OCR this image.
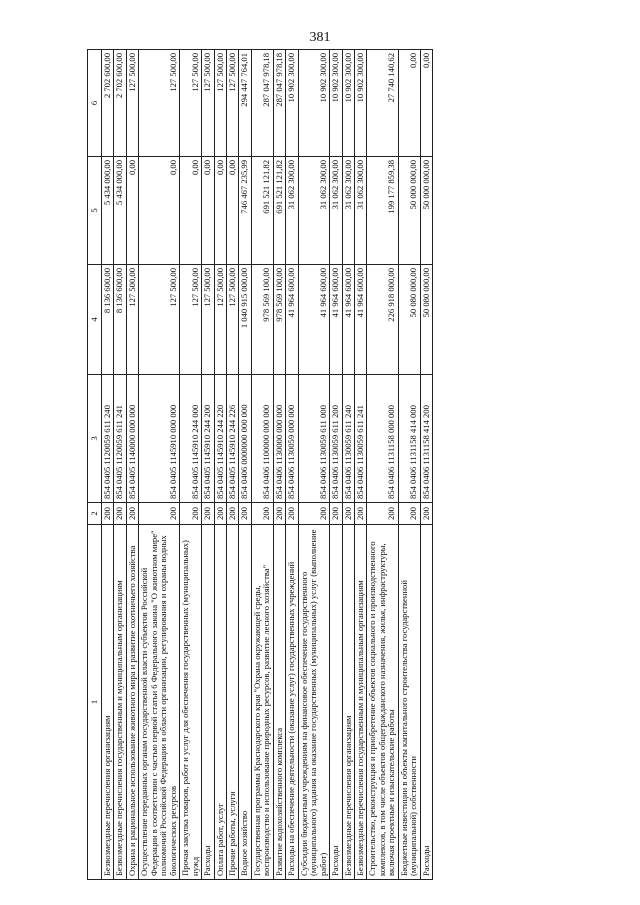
381
1	2	3	4	5	6
Безвозмездные перечисления организациям	200	854 0405 1120059 611 240	8 136 600,00	5 434 000,00	2 702 600,00
Безвозмездные перечисления государственным и муниципальным организациям	200	854 0405 1120059 611 241	8 136 600,00	5 434 000,00	2 702 600,00
Охрана и рациональное использование животного мира и развитие охотничьего хозяйства	200	854 0405 1140000 000 000	127 500,00	0,00	127 500,00
Осуществление переданных органам государственной власти субъектов Российской Федерации в соответствии с частью первой статьи 6 Федерального закона "О животном мире" полномочий Российской Федерации в области организации, регулирования и охраны водных биологических ресурсов	200	854 0405 1145910 000 000	127 500,00	0,00	127 500,00
Прочая закупка товаров, работ и услуг для обеспечения государственных (муниципальных) нужд	200	854 0405 1145910 244 000	127 500,00	0,00	127 500,00
Расходы	200	854 0405 1145910 244 200	127 500,00	0,00	127 500,00
Оплата работ, услуг	200	854 0405 1145910 244 220	127 500,00	0,00	127 500,00
Прочие работы, услуги	200	854 0405 1145910 244 226	127 500,00	0,00	127 500,00
Водное хозяйство	200	854 0406 0000000 000 000	1 040 915 000,00	746 467 235,99	294 447 764,01
Государственная программа Краснодарского края "Охрана окружающей среды, воспроизводство и использование природных ресурсов, развитие лесного хозяйства"	200	854 0406 1100000 000 000	978 569 100,00	691 521 121,82	287 047 978,18
Развитие водохозяйственного комплекса	200	854 0406 1130000 000 000	978 569 100,00	691 521 121,82	287 047 978,18
Расходы на обеспечение деятельности (оказание услуг) государственных учреждений	200	854 0406 1130059 000 000	41 964 600,00	31 062 300,00	10 902 300,00
Субсидии бюджетным учреждениям на финансовое обеспечение государственного (муниципального) задания на оказание государственных (муниципальных) услуг (выполнение работ)	200	854 0406 1130059 611 000	41 964 600,00	31 062 300,00	10 902 300,00
Расходы	200	854 0406 1130059 611 200	41 964 600,00	31 062 300,00	10 902 300,00
Безвозмездные перечисления организациям	200	854 0406 1130059 611 240	41 964 600,00	31 062 300,00	10 902 300,00
Безвозмездные перечисления государственным и муниципальным организациям	200	854 0406 1130059 611 241	41 964 600,00	31 062 300,00	10 902 300,00
Строительство, реконструкция и приобретение объектов социального и производственного комплексов, в том числе объектов общегражданского назначения, жилья, инфраструктуры, включая проектные и изыскательские работы	200	854 0406 1131158 000 000	226 918 000,00	199 177 859,38	27 740 140,62
Бюджетные инвестиции в объекты капитального строительства государственной (муниципальной) собственности	200	854 0406 1131158 414 000	50 080 000,00	50 000 000,00	0,00
Расходы	200	854 0406 1131158 414 200	50 080 000,00	50 000 000,00	0,00
